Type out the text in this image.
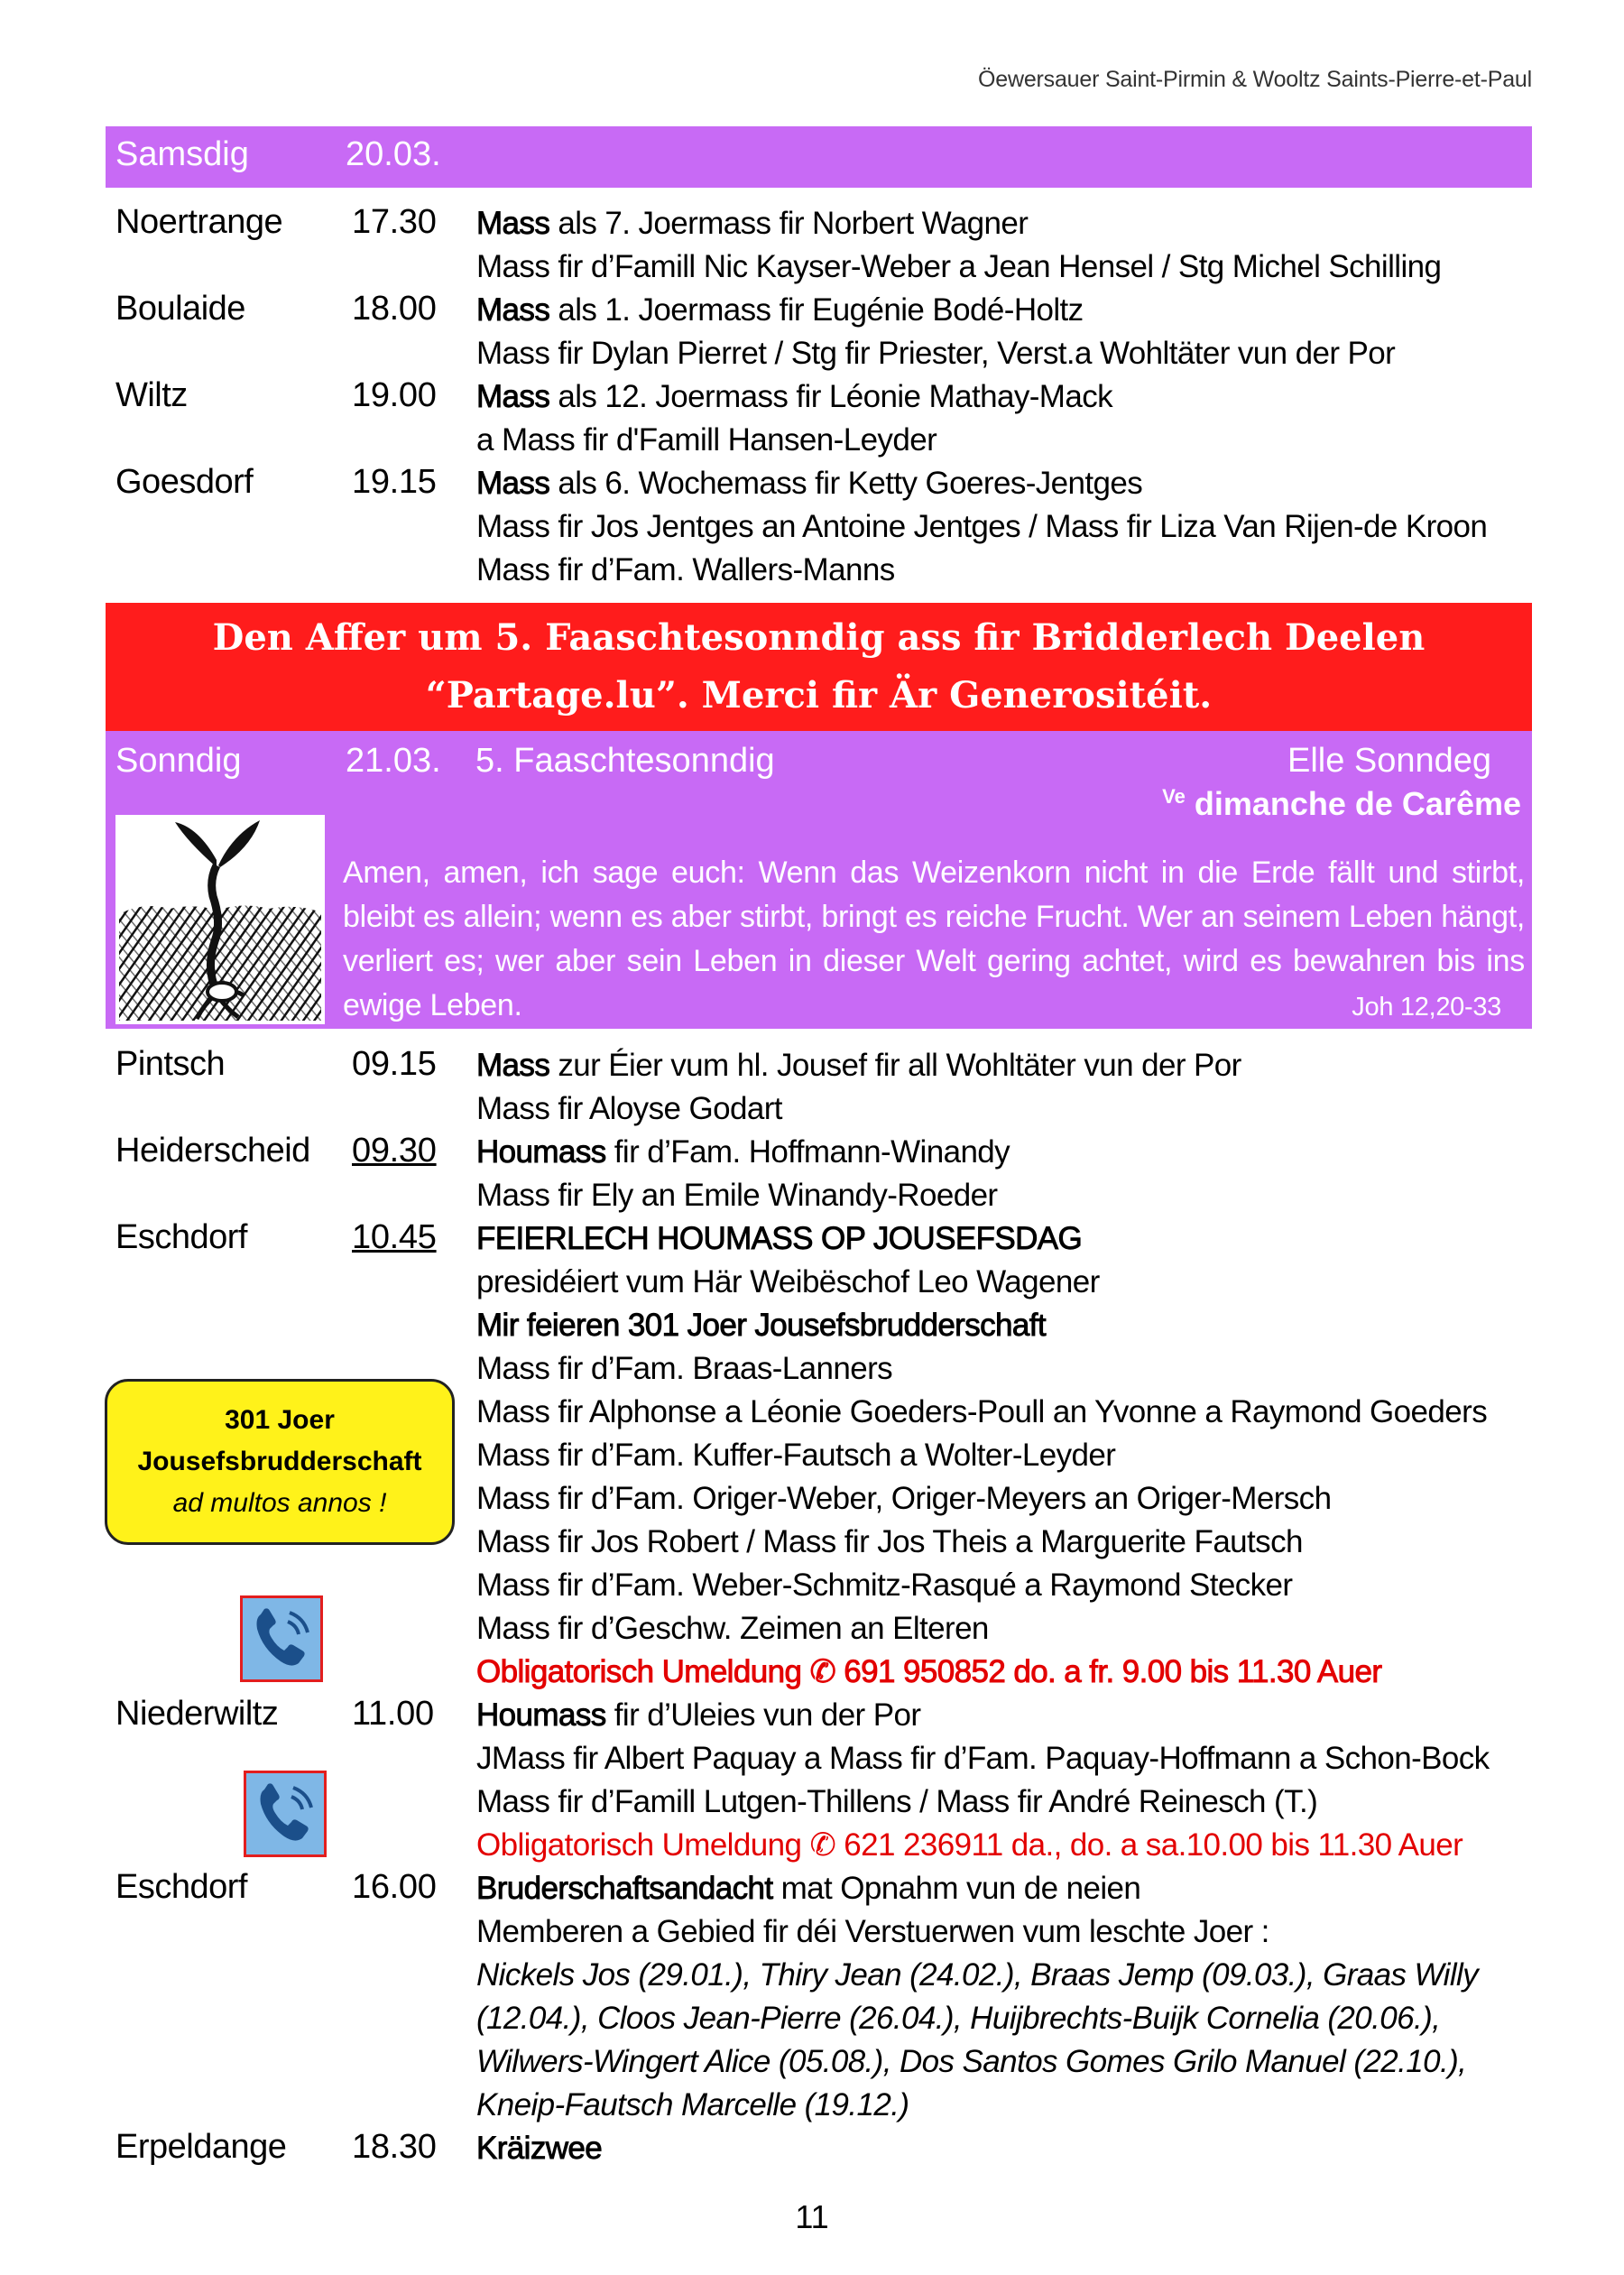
Öewersauer Saint-Pirmin & Wooltz Saints-Pierre-et-Paul
Samsdig	20.03.
Noertrange 17.30 Mass als 7. Joermass fir Norbert Wagner
Mass fir d’Famill Nic Kayser-Weber a Jean Hensel / Stg Michel Schilling
Boulaide	18.00 Mass als 1. Joermass fir Eugénie Bodé-Holtz
Mass fir Dylan Pierret / Stg fir Priester, Verst.a Wohltäter vun der Por
Wiltz	19.00 Mass als 12. Joermass fir Léonie Mathay-Mack
a Mass fir d'Famill Hansen-Leyder
Goesdorf	19.15 Mass als 6. Wochemass fir Ketty Goeres-Jentges
Mass fir Jos Jentges an Antoine Jentges / Mass fir Liza Van Rijen-de Kroon
Mass fir d’Fam. Wallers-Manns
Den Affer um 5. Faaschtesonndig ass fir Bridderlech Deelen
“Partage.lu”. Merci fir Är Generositéit.
Sonndig	21.03. 5. Faaschtesonndig	Elle Sonndeg
$^{Ve}$ dimanche de Carême
Amen, amen, ich sage euch: Wenn das Weizenkorn nicht in die Erde fällt und stirbt, bleibt es allein; wenn es aber stirbt, bringt es reiche Frucht. Wer an seinem Leben hängt, verliert es; wer aber sein Leben in dieser Welt gering achtet, wird es bewahren bis ins ewige Leben.	Joh 12,20-33
Pintsch	09.15 Mass zur Éier vum hl. Jousef fir all Wohltäter vun der Por
Mass fir Aloyse Godart
Heiderscheid 09.30 Houmass fir d’Fam. Hoffmann-Winandy
Mass fir Ely an Emile Winandy-Roeder
Eschdorf	10.45 FEIERLECH HOUMASS OP JOUSEFSDAG
presidéiert vum Här Weibëschof Leo Wagener
Mir feieren 301 Joer Jousefsbrudderschaft
Mass fir d’Fam. Braas-Lanners
Mass fir Alphonse a Léonie Goeders-Poull an Yvonne a Raymond Goeders
Mass fir d’Fam. Kuffer-Fautsch a Wolter-Leyder
Mass fir d’Fam. Origer-Weber, Origer-Meyers an Origer-Mersch
Mass fir Jos Robert / Mass fir Jos Theis a Marguerite Fautsch
Mass fir d’Fam. Weber-Schmitz-Rasqué a Raymond Stecker
Mass fir d’Geschw. Zeimen an Elteren
Obligatorisch Umeldung ✆ 691 950852 do. a fr. 9.00 bis 11.30 Auer
Niederwiltz 11.00 Houmass fir d’Uleies vun der Por
JMass fir Albert Paquay a Mass fir d’Fam. Paquay-Hoffmann a Schon-Bock
Mass fir d’Famill Lutgen-Thillens / Mass fir André Reinesch (T.)
Obligatorisch Umeldung ✆ 621 236911 da., do. a sa.10.00 bis 11.30 Auer
Eschdorf	16.00 Bruderschaftsandacht mat Opnahm vun de neien
Memberen a Gebied fir déi Verstuerwen vum leschte Joer :
Nickels Jos (29.01.), Thiry Jean (24.02.), Braas Jemp (09.03.), Graas Willy
(12.04.), Cloos Jean-Pierre (26.04.), Huijbrechts-Buijk Cornelia (20.06.),
Wilwers-Wingert Alice (05.08.), Dos Santos Gomes Grilo Manuel (22.10.),
Kneip-Fautsch Marcelle (19.12.)
Erpeldange 18.30 Kräizwee
301 Joer
Jousefsbrudderschaft
ad multos annos !
11
